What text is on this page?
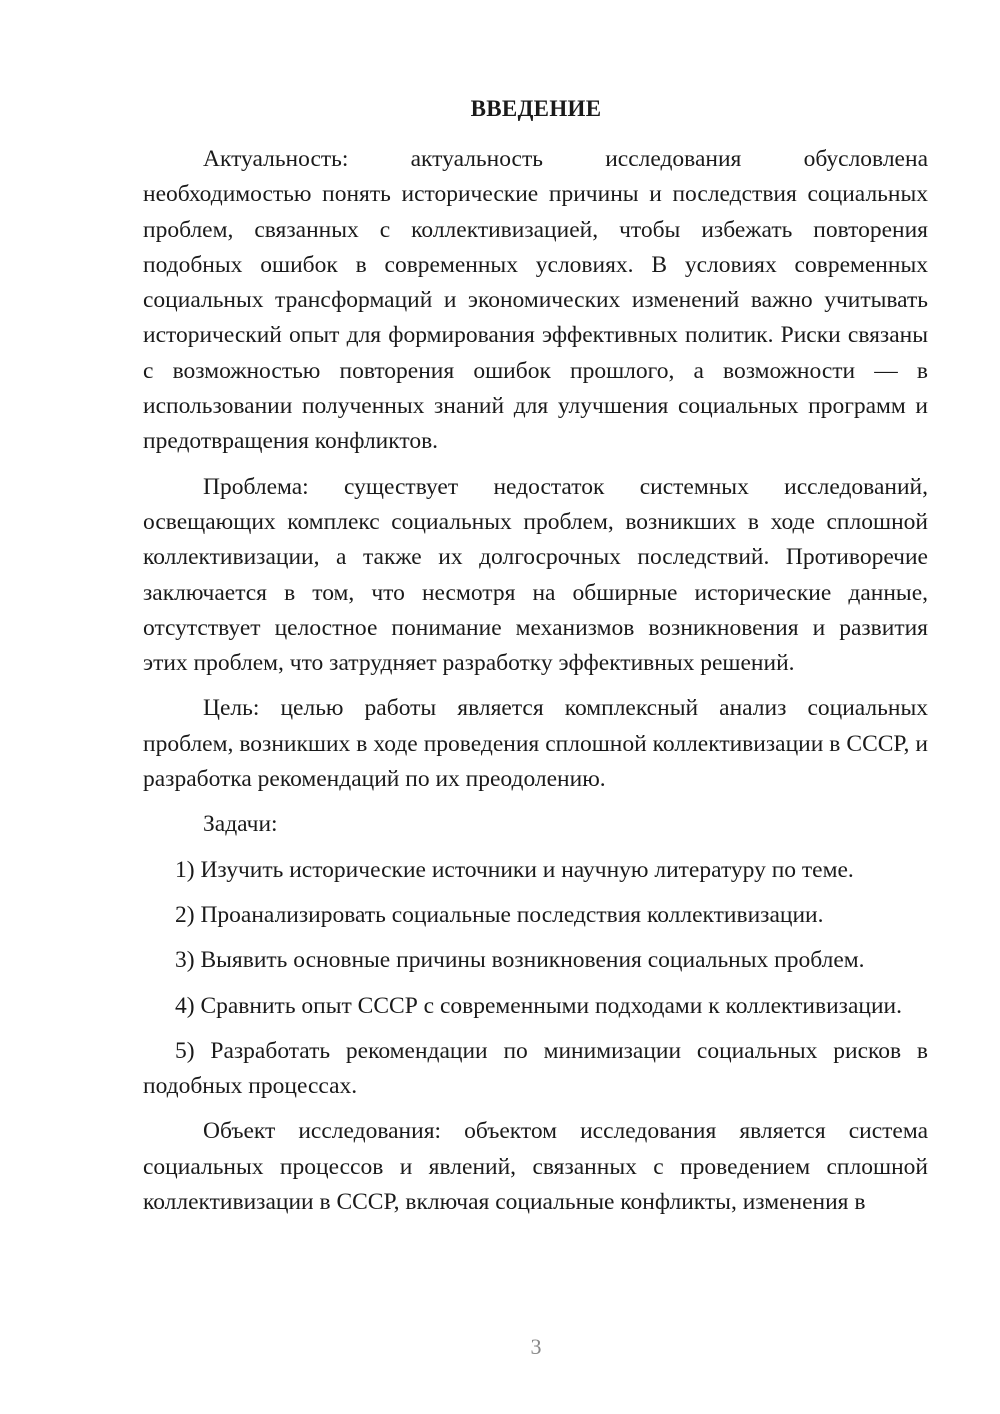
ВВЕДЕНИЕ

Актуальность: актуальность исследования обусловлена необходимостью понять исторические причины и последствия социальных проблем, связанных с коллективизацией, чтобы избежать повторения подобных ошибок в современных условиях. В условиях современных социальных трансформаций и экономических изменений важно учитывать исторический опыт для формирования эффективных политик. Риски связаны с возможностью повторения ошибок прошлого, а возможности — в использовании полученных знаний для улучшения социальных программ и предотвращения конфликтов.

Проблема: существует недостаток системных исследований, освещающих комплекс социальных проблем, возникших в ходе сплошной коллективизации, а также их долгосрочных последствий. Противоречие заключается в том, что несмотря на обширные исторические данные, отсутствует целостное понимание механизмов возникновения и развития этих проблем, что затрудняет разработку эффективных решений.

Цель: целью работы является комплексный анализ социальных проблем, возникших в ходе проведения сплошной коллективизации в СССР, и разработка рекомендаций по их преодолению.

Задачи:

1) Изучить исторические источники и научную литературу по теме.

2) Проанализировать социальные последствия коллективизации.

3) Выявить основные причины возникновения социальных проблем.

4) Сравнить опыт СССР с современными подходами к коллективизации.

5) Разработать рекомендации по минимизации социальных рисков в подобных процессах.

Объект исследования: объектом исследования является система социальных процессов и явлений, связанных с проведением сплошной коллективизации в СССР, включая социальные конфликты, изменения в

3
